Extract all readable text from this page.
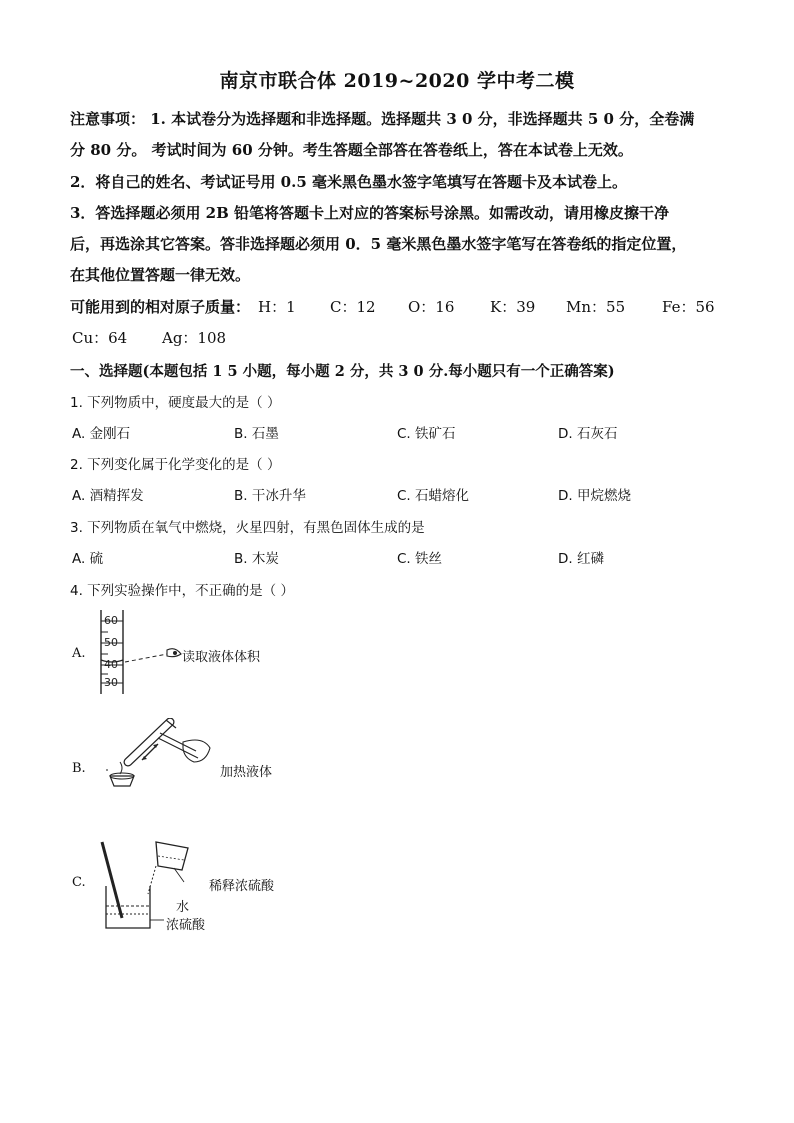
南京市联合体 2019~2020 学中考二模
注意事项： 1. 本试卷分为选择题和非选择题。选择题共 3 0 分，非选择题共 5 0 分，全卷满
分 80 分。 考试时间为 60 分钟。考生答题全部答在答卷纸上，答在本试卷上无效。
2．将自己的姓名、考试证号用 0.5 毫米黑色墨水签字笔填写在答题卡及本试卷上。
3．答选择题必须用 2B 铅笔将答题卡上对应的答案标号涂黑。如需改动，请用橡皮擦干净
后，再选涂其它答案。答非选择题必须用 0．5 毫米黑色墨水签字笔写在答卷纸的指定位置，
在其他位置答题一律无效。
可能用到的相对原子质量： H：1 C：12 O：16 K：39 Mn：55 Fe：56
Cu：64 Ag：108
一、选择题(本题包括 1 5 小题，每小题 2 分，共 3 0 分.每小题只有一个正确答案)
1. 下列物质中，硬度最大的是（ ）
A. 金刚石	B. 石墨	C. 铁矿石	D. 石灰石
2. 下列变化属于化学变化的是（ ）
A. 酒精挥发	B. 干冰升华	C. 石蜡熔化	D. 甲烷燃烧
3. 下列物质在氧气中燃烧，火星四射，有黑色固体生成的是
A. 硫	B. 木炭	C. 铁丝	D. 红磷
4. 下列实验操作中，不正确的是（ ）
A.
60
50
40
30
读取液体体积
B.	加热液体
C.	稀释浓硫酸
水
浓硫酸
